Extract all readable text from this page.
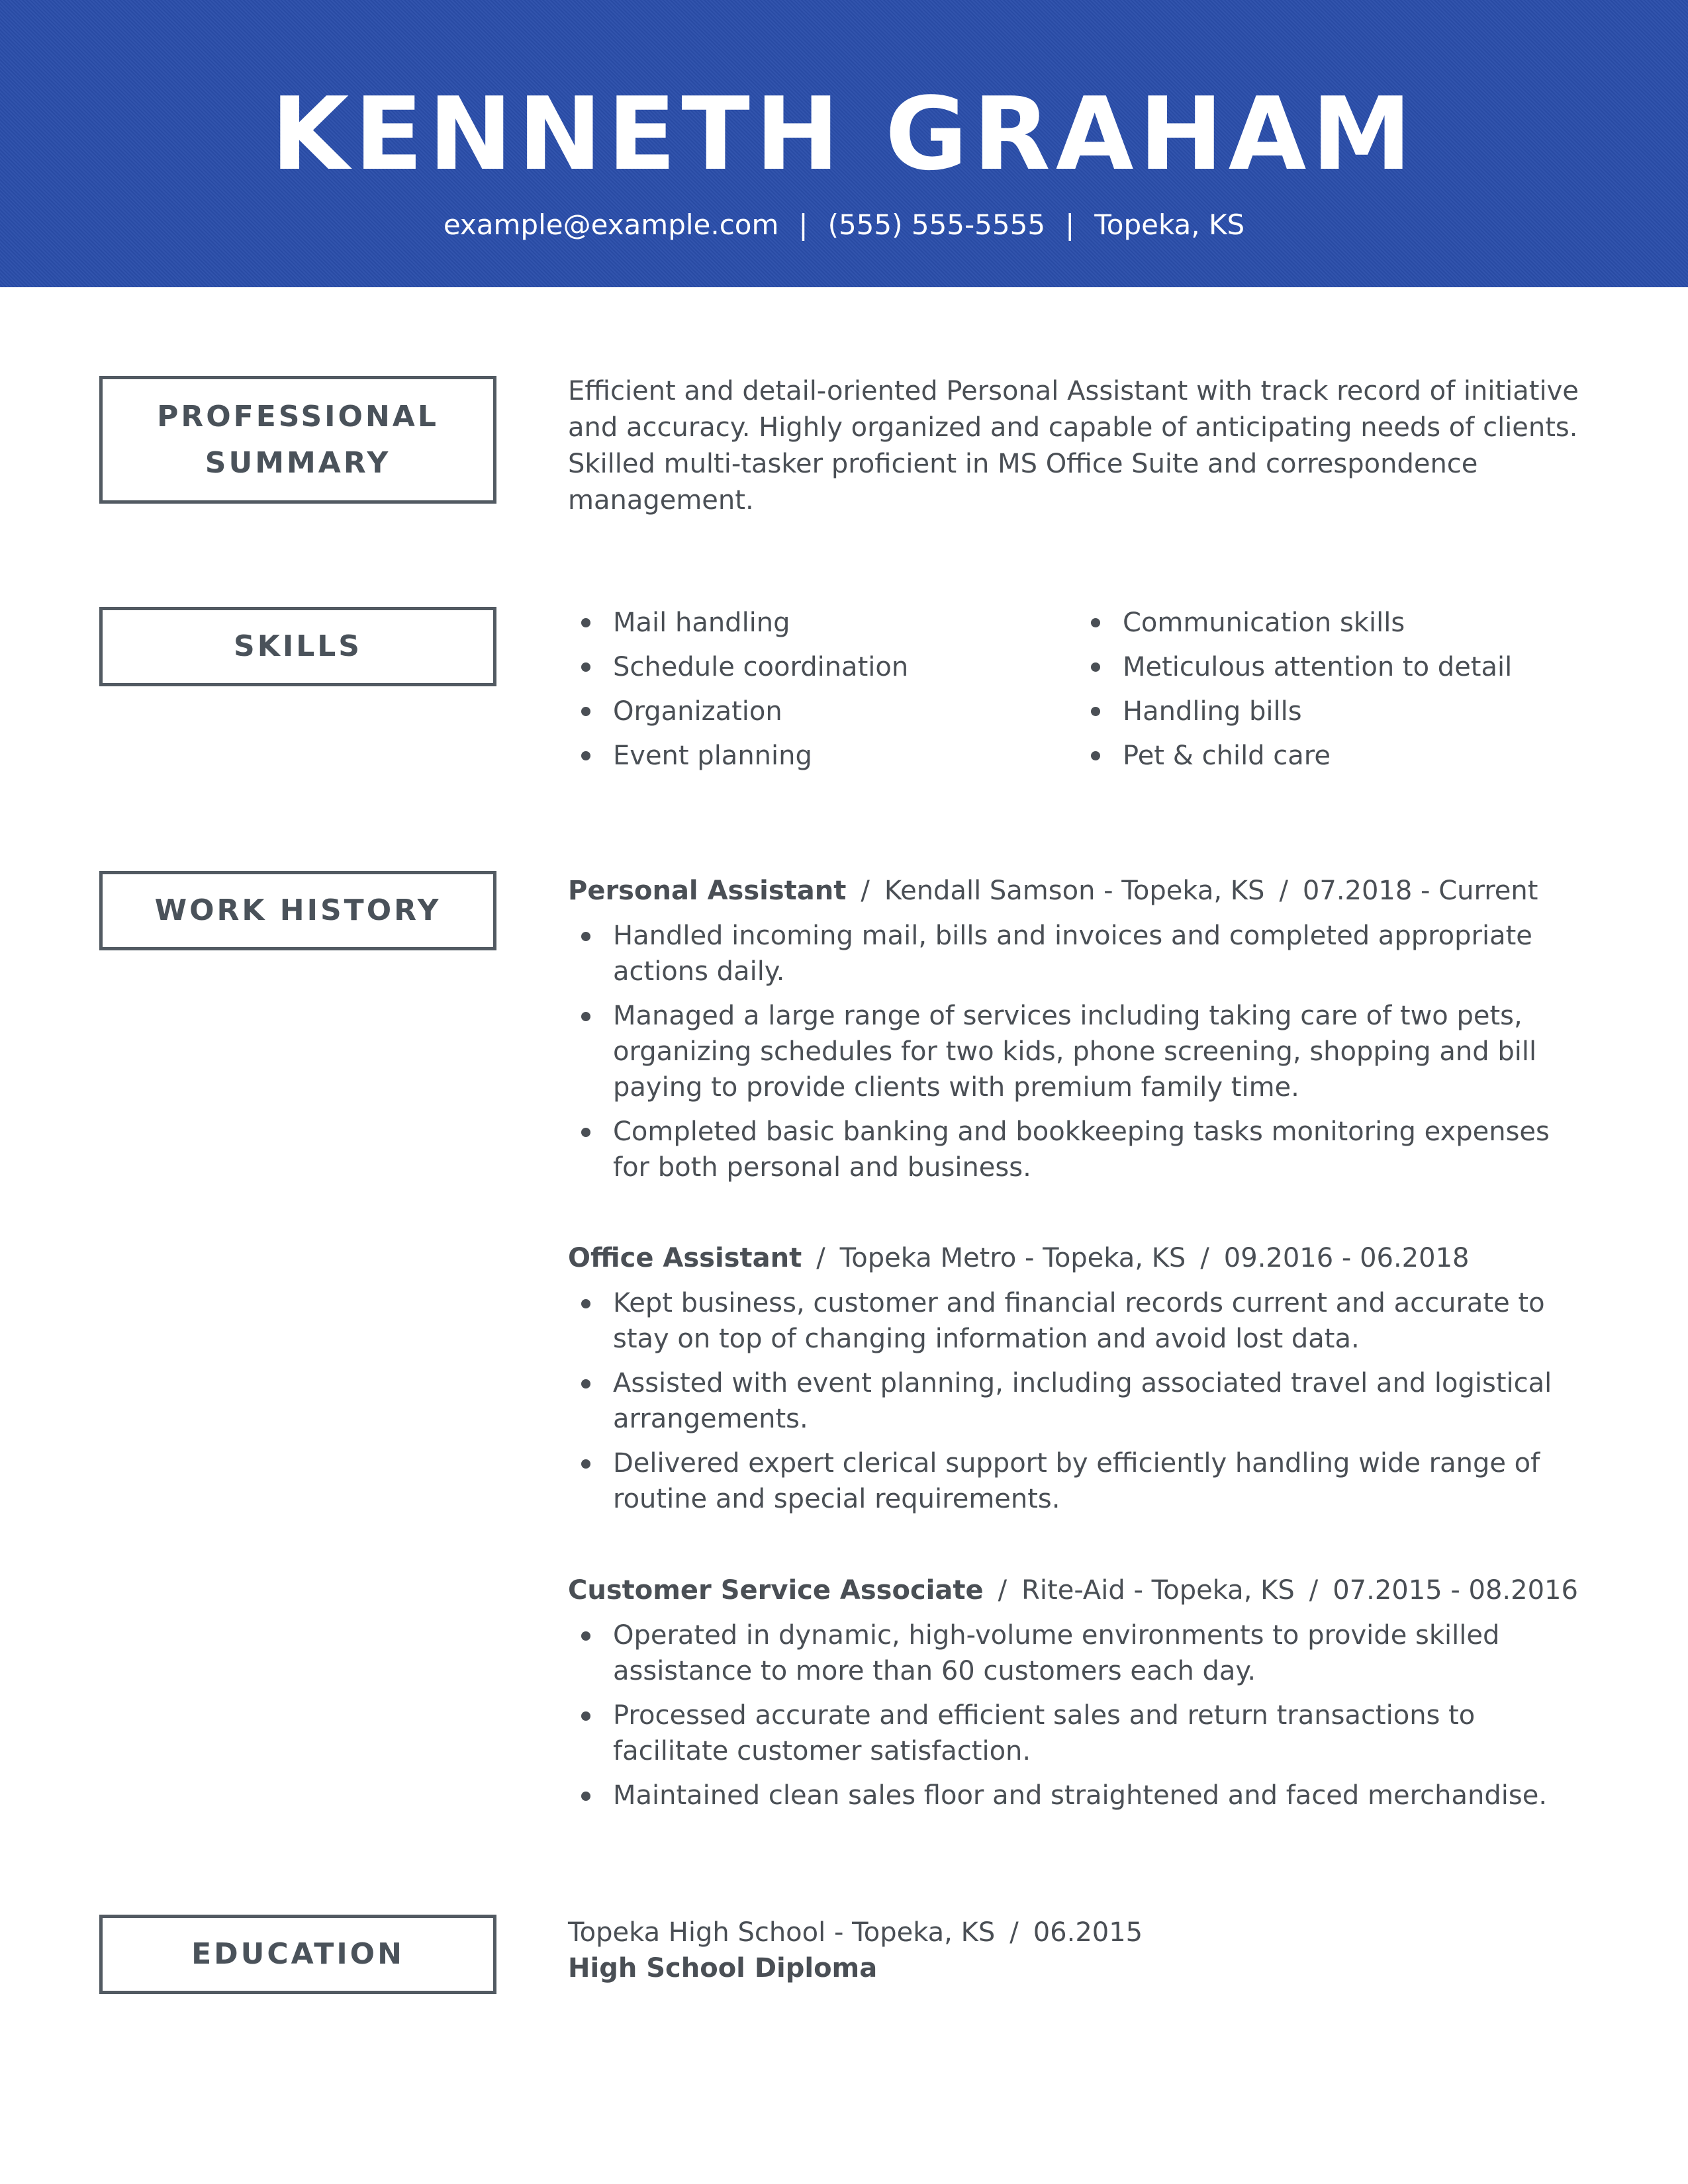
KENNETH GRAHAM
example@example.com | (555) 555-5555 | Topeka, KS
PROFESSIONAL SUMMARY
Efficient and detail-oriented Personal Assistant with track record of initiative and accuracy. Highly organized and capable of anticipating needs of clients. Skilled multi-tasker proficient in MS Office Suite and correspondence management.
SKILLS
Mail handling
Schedule coordination
Organization
Event planning
Communication skills
Meticulous attention to detail
Handling bills
Pet & child care
WORK HISTORY
Personal Assistant / Kendall Samson - Topeka, KS / 07.2018 - Current
Handled incoming mail, bills and invoices and completed appropriate actions daily.
Managed a large range of services including taking care of two pets, organizing schedules for two kids, phone screening, shopping and bill paying to provide clients with premium family time.
Completed basic banking and bookkeeping tasks monitoring expenses for both personal and business.
Office Assistant / Topeka Metro - Topeka, KS / 09.2016 - 06.2018
Kept business, customer and financial records current and accurate to stay on top of changing information and avoid lost data.
Assisted with event planning, including associated travel and logistical arrangements.
Delivered expert clerical support by efficiently handling wide range of routine and special requirements.
Customer Service Associate / Rite-Aid - Topeka, KS / 07.2015 - 08.2016
Operated in dynamic, high-volume environments to provide skilled assistance to more than 60 customers each day.
Processed accurate and efficient sales and return transactions to facilitate customer satisfaction.
Maintained clean sales floor and straightened and faced merchandise.
EDUCATION
Topeka High School - Topeka, KS / 06.2015
High School Diploma
